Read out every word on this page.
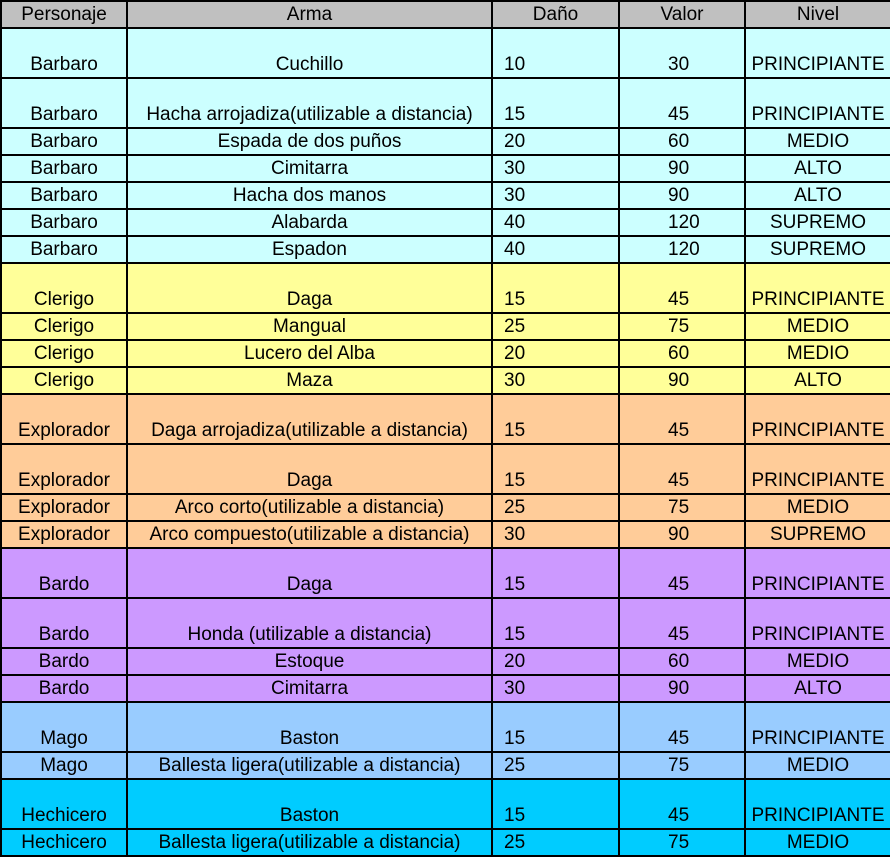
Personaje	Arma	Daño	Valor	Nivel
Barbaro	Cuchillo	10	30	PRINCIPIANTE
Barbaro	Hacha arrojadiza(utilizable a distancia)	15	45	PRINCIPIANTE
Barbaro	Espada de dos puños	20	60	MEDIO
Barbaro	Cimitarra	30	90	ALTO
Barbaro	Hacha dos manos	30	90	ALTO
Barbaro	Alabarda	40	120	SUPREMO
Barbaro	Espadon	40	120	SUPREMO
Clerigo	Daga	15	45	PRINCIPIANTE
Clerigo	Mangual	25	75	MEDIO
Clerigo	Lucero del Alba	20	60	MEDIO
Clerigo	Maza	30	90	ALTO
Explorador	Daga arrojadiza(utilizable a distancia)	15	45	PRINCIPIANTE
Explorador	Daga	15	45	PRINCIPIANTE
Explorador	Arco corto(utilizable a distancia)	25	75	MEDIO
Explorador	Arco compuesto(utilizable a distancia)	30	90	SUPREMO
Bardo	Daga	15	45	PRINCIPIANTE
Bardo	Honda (utilizable a distancia)	15	45	PRINCIPIANTE
Bardo	Estoque	20	60	MEDIO
Bardo	Cimitarra	30	90	ALTO
Mago	Baston	15	45	PRINCIPIANTE
Mago	Ballesta ligera(utilizable a distancia)	25	75	MEDIO
Hechicero	Baston	15	45	PRINCIPIANTE
Hechicero	Ballesta ligera(utilizable a distancia)	25	75	MEDIO
